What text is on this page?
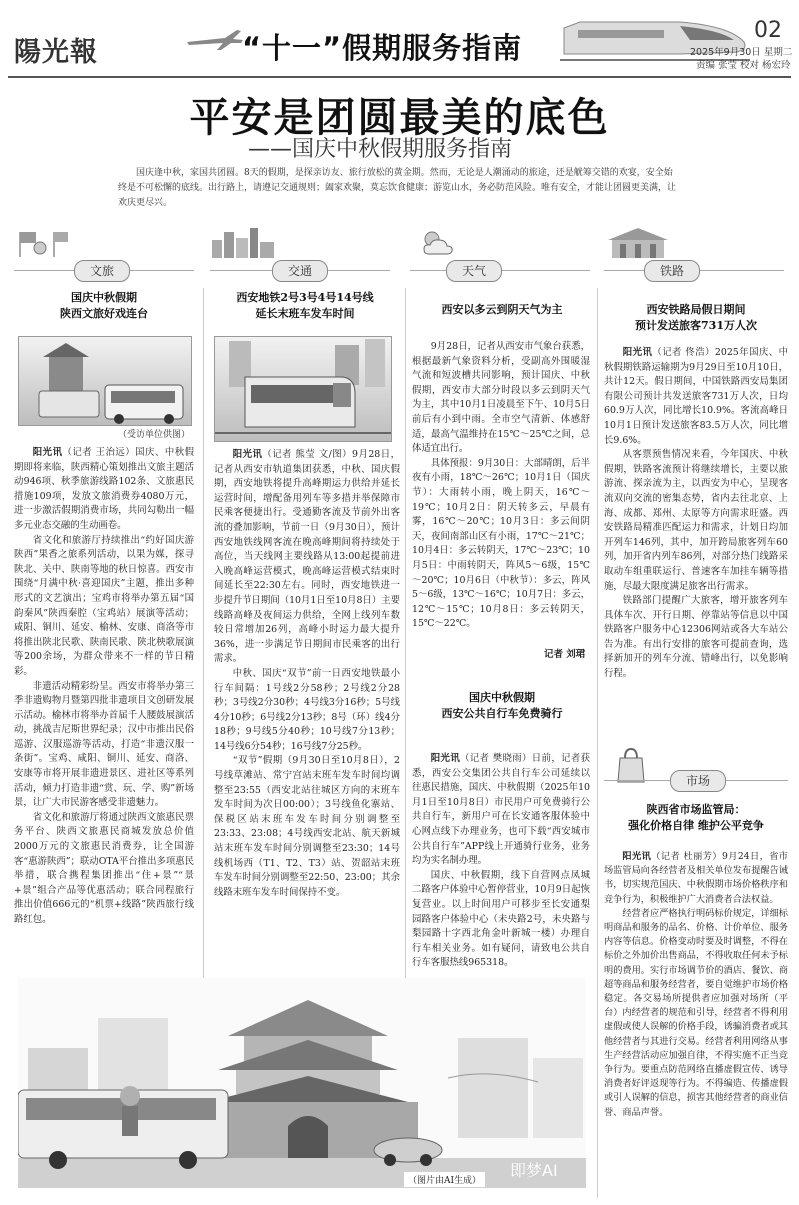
陽光報	“十一”假期服务指南
02
2025年9月30日 星期二
责编 张莹 校对 杨宏玲
平安是团圆最美的底色
——国庆中秋假期服务指南
国庆逢中秋，家国共团圆。8天的假期，是探亲访友、旅行放松的黄金期。然而，无论是人潮涌动的旅途，还是觥筹交错的欢宴，安全始终是不可松懈的底线。出行路上，请遵记交通规则；阖家欢聚，莫忘饮食健康；游览山水，务必防范风险。唯有安全，才能让团圆更美满，让欢庆更尽兴。
文旅	交通	天气	铁路
国庆中秋假期
陕西文旅好戏连台
（受访单位供图）

阳光讯（记者 王治远）国庆、中秋假期即将来临，陕西精心策划推出文旅主题活动946项、秋季旅游线路102条、文旅惠民措施109项，发放文旅消费券4080万元，进一步激活假期消费市场，共同勾勒出一幅多元业态交融的生动画卷。

省文化和旅游厅持续推出“约好国庆游陕西”果香之旅系列活动，以果为媒，探寻陕北、关中、陕南等地的秋日惊喜。西安市围绕“月满中秋·喜迎国庆”主题，推出多种形式的文艺演出；宝鸡市将举办第五届“国韵秦风”陕西秦腔（宝鸡站）展演等活动；咸阳、铜川、延安、榆林、安康、商洛等市将推出陕北民歌、陕南民歌、陕北秧歌展演等200余场，为群众带来不一样的节日精彩。

非遗活动精彩纷呈。西安市将举办第三季非遗购物月暨第四批非遗项目文创研发展示活动。榆林市将举办首届千人腰鼓展演活动，挑战吉尼斯世界纪录；汉中市推出民俗巡游、汉服巡游等活动，打造“非遗汉服一条街”。宝鸡、咸阳、铜川、延安、商洛、安康等市将开展非遗进景区、进社区等系列活动，倾力打造非遗“赏、玩、学、购”新场景，让广大市民游客感受非遗魅力。

省文化和旅游厅将通过陕西文旅惠民票务平台、陕西文旅惠民商城发放总价值2000万元的文旅惠民消费券，让全国游客“惠游陕西”；联动OTA平台推出多项惠民举措，联合携程集团推出“住+景”“景+景”组合产品等优惠活动；联合同程旅行推出价值666元的“机票+线路”陕西旅行线路红包。

西安地铁2号3号4号14号线
延长末班车发车时间

阳光讯（记者 熊莹 文/图）9月28日，记者从西安市轨道集团获悉，中秋、国庆假期，西安地铁将提升高峰期运力供给并延长运营时间，增配备用列车等多措并举保障市民乘客便捷出行。受通勤客流及节前外出客流的叠加影响，节前一日（9月30日），预计西安地铁线网客流在晚高峰期间将持续处于高位，当天线网主要线路从13:00起提前进入晚高峰运营模式，晚高峰运营模式结束时间延长至22:30左右。同时，西安地铁进一步提升节日期间（10月1日至10月8日）主要线路高峰及夜间运力供给，全网上线列车数较日常增加26列，高峰小时运力最大提升36%，进一步满足节日期间市民乘客的出行需求。

中秋、国庆“双节”前一日西安地铁最小行车间隔：1号线2分58秒；2号线2分28秒；3号线2分30秒；4号线3分16秒；5号线4分10秒；6号线2分13秒；8号（环）线4分18秒；9号线5分40秒；10号线7分13秒；14号线6分54秒；16号线7分25秒。

“双节”假期（9月30日至10月8日），2号线草滩站、常宁宫站末班车发车时间均调整至23:55（西安北站往城区方向的末班车发车时间为次日00:00）；3号线鱼化寨站、保税区站末班车发车时间分别调整至23:33、23:08；4号线西安北站、航天新城站末班车发车时间分别调整至23:30；14号线机场西（T1、T2、T3）站、贺韶站末班车发车时间分别调整至22:50、23:00；其余线路末班车发车时间保持不变。

西安以多云到阴天气为主

9月28日，记者从西安市气象台获悉，根据最新气象资料分析，受副高外围暖湿气流和短波槽共同影响，预计国庆、中秋假期，西安市大部分时段以多云到阴天气为主，其中10月1日凌晨至下午、10月5日前后有小到中雨。全市空气清新、体感舒适，最高气温维持在15℃～25℃之间，总体适宜出行。

具体预报：9月30日：大部晴朗，后半夜有小雨，18℃～26℃；10月1日（国庆节）：大雨转小雨，晚上阴天，16℃～19℃；10月2日：阴天转多云，早晨有雾，16℃～20℃；10月3日：多云间阴天，夜间南部山区有小雨，17℃～21℃；10月4日：多云转阴天，17℃～23℃；10月5日：中雨转阴天，阵风5～6级，15℃～20℃；10月6日（中秋节）：多云，阵风5～6级，13℃～16℃；10月7日：多云，12℃～15℃；10月8日：多云转阴天，15℃～22℃。

记者 刘珺
国庆中秋假期
西安公共自行车免费骑行

阳光讯（记者 樊晓雨）日前，记者获悉，西安公交集团公共自行车公司延续以往惠民措施，国庆、中秋假期（2025年10月1日至10月8日）市民用户可免费骑行公共自行车，新用户可在长安通客服体验中心网点线下办理业务，也可下载“西安城市公共自行车”APP线上开通骑行业务，业务均为实名制办理。

国庆、中秋假期，线下自营网点凤城二路客户体验中心暂停营业，10月9日起恢复营业。以上时间用户可移步至长安通梨园路客户体验中心（未央路2号，未央路与梨园路十字西北角金叶新城一楼）办理自行车相关业务。如有疑问，请致电公共自行车客服热线965318。

西安铁路局假日期间
预计发送旅客731万人次

阳光讯（记者 佟浩）2025年国庆、中秋假期铁路运输期为9月29日至10月10日，共计12天。假日期间，中国铁路西安局集团有限公司预计共发送旅客731万人次，日均60.9万人次，同比增长10.9%。客流高峰日10月1日预计发送旅客83.5万人次，同比增长9.6%。

从客票预售情况来看，今年国庆、中秋假期，铁路客流预计将继续增长，主要以旅游流、探亲流为主，以西安为中心，呈现客流双向交流的密集态势，省内去往北京、上海、成都、郑州、太原等方向需求旺盛。西安铁路局精准匹配运力和需求，计划日均加开列车146列，其中，加开跨局旅客列车60列，加开省内列车86列，对部分热门线路采取动车组重联运行、普速客车加挂车辆等措施，尽最大限度满足旅客出行需求。

铁路部门提醒广大旅客，增开旅客列车具体车次、开行日期、停靠站等信息以中国铁路客户服务中心12306网站或各大车站公告为准。有出行安排的旅客可提前查询，选择新加开的列车分流、错峰出行，以免影响行程。

市场
陕西省市场监管局：
强化价格自律 维护公平竞争

阳光讯（记者 杜丽芳）9月24日，省市场监管局向各经营者及相关单位发布提醒告诫书，切实规范国庆、中秋假期市场价格秩序和竞争行为，积极维护广大消费者合法权益。

经营者应严格执行明码标价规定，详细标明商品和服务的品名、价格、计价单位、服务内容等信息。价格变动时要及时调整，不得在标价之外加价出售商品，不得收取任何未予标明的费用。实行市场调节价的酒店、餐饮、商超等商品和服务经营者，要自觉维护市场价格稳定。各交易场所提供者应加强对场所（平台）内经营者的规范和引导，经营者不得利用虚假或使人误解的价格手段，诱骗消费者或其他经营者与其进行交易。经营者利用网络从事生产经营活动应加强自律，不得实施不正当竞争行为。要重点防范网络直播虚假宣传、诱导消费者好评返现等行为。不得编造、传播虚假或引人误解的信息，损害其他经营者的商业信誉、商品声誉。

即梦AI
（图片由AI生成）
